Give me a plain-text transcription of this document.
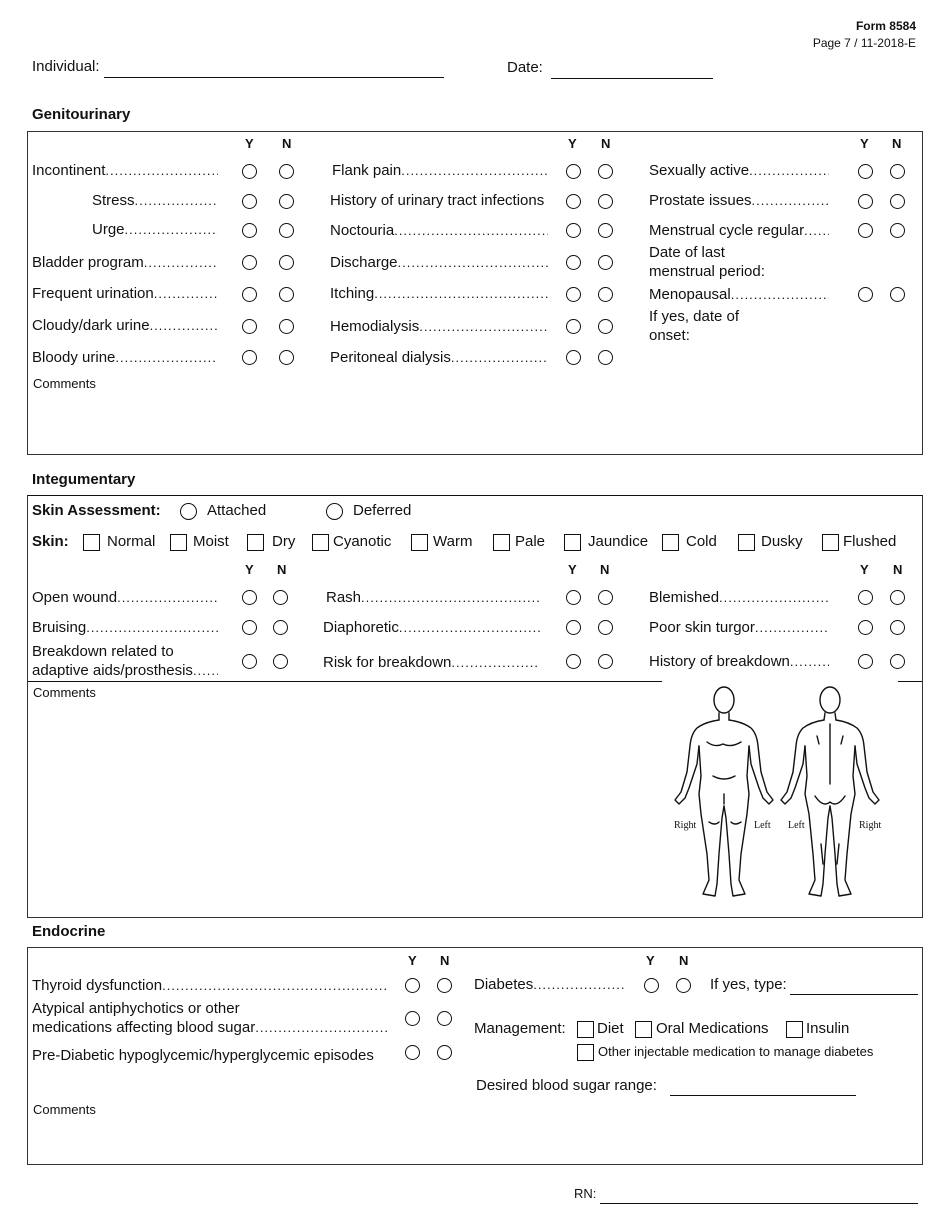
Form 8584
Page 7 / 11-2018-E
Individual:	Date:
Genitourinary
Y N	Y N	Y N
Incontinent
.....
Stress
.....
Urge
.....
Bladder program
.....
Frequent urination
.....
Cloudy/dark urine
.....
Bloody urine
.....
Flank pain
.....
History of urinary tract infections
Noctouria
.....
Discharge
.....
Itching
.....
Hemodialysis
.....
Peritoneal dialysis
.....
Sexually active
.....
Prostate issues
.....
Menstrual cycle regular
.....
Date of last
menstrual period:
Menopausal
.....
If yes, date of
onset:
Comments
Integumentary
Skin Assessment:	Attached	Deferred
Skin:	Normal	Moist	Dry	Cyanotic	Warm	Pale	Jaundice	Cold	Dusky	Flushed
Y N	Y N	Y N
Open wound
.....
Bruising
.....
Breakdown related to
adaptive aids/prosthesis
.....
Rash
.....
Diaphoretic
.....
Risk for breakdown
.....
Blemished
.....
Poor skin turgor
.....
History of breakdown
.....
Comments
Right	Left Left	Right
Endocrine
Y N	Y N
Thyroid dysfunction
.....
Atypical antiphychotics or other
medications affecting blood sugar
.....
Pre-Diabetic hypoglycemic/hyperglycemic episodes
Diabetes
.....	If yes, type:
Management: Diet Oral Medications Insulin
Other injectable medication to manage diabetes
Desired blood sugar range:
Comments
RN:
